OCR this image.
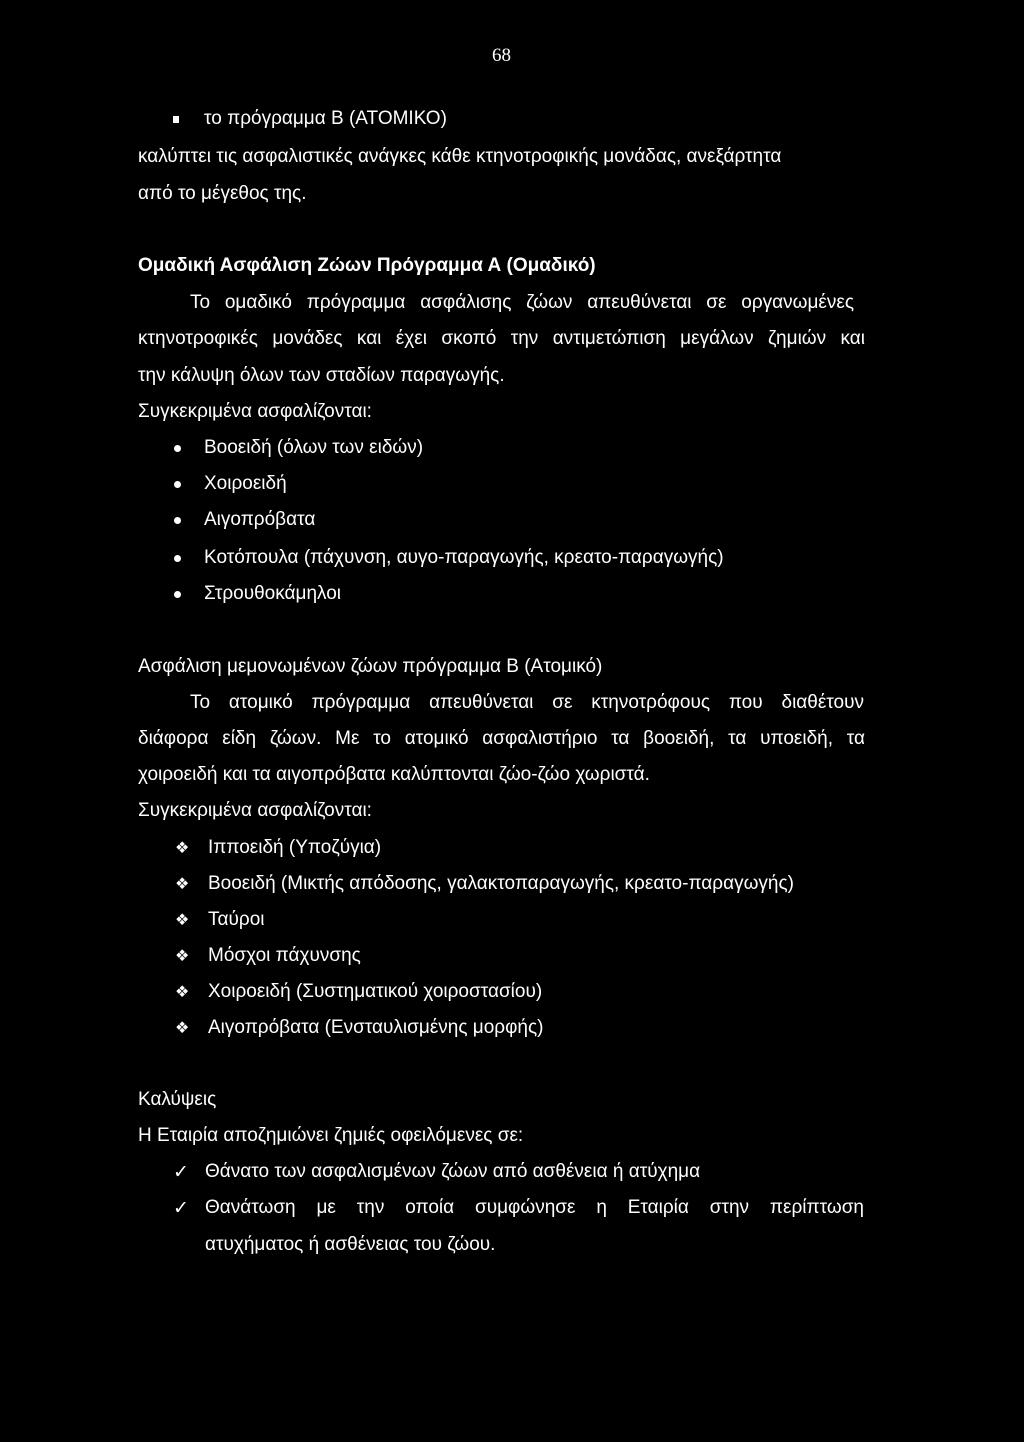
68
το πρόγραμμα Β (ΑΤΟΜΙΚΟ)
καλύπτει τις ασφαλιστικές ανάγκες κάθε κτηνοτροφικής μονάδας, ανεξάρτητα
από το μέγεθος της.
Ομαδική Ασφάλιση Ζώων Πρόγραμμα Α (Ομαδικό)
Το ομαδικό πρόγραμμα ασφάλισης ζώων απευθύνεται σε οργανωμένες
κτηνοτροφικές μονάδες και έχει σκοπό την αντιμετώπιση μεγάλων ζημιών και
την κάλυψη όλων των σταδίων παραγωγής.
Συγκεκριμένα ασφαλίζονται:
Βοοειδή (όλων των ειδών)
Χοιροειδή
Αιγοπρόβατα
Κοτόπουλα (πάχυνση, αυγο-παραγωγής, κρεατο-παραγωγής)
Στρουθοκάμηλοι
Ασφάλιση μεμονωμένων ζώων πρόγραμμα Β (Ατομικό)
Το ατομικό πρόγραμμα απευθύνεται σε κτηνοτρόφους που διαθέτουν
διάφορα είδη ζώων. Με το ατομικό ασφαλιστήριο τα βοοειδή, τα υποειδή, τα
χοιροειδή και τα αιγοπρόβατα καλύπτονται ζώο-ζώο χωριστά.
Συγκεκριμένα ασφαλίζονται:
❖ Ιπποειδή (Υποζύγια)
❖ Βοοειδή (Μικτής απόδοσης, γαλακτοπαραγωγής, κρεατο-παραγωγής)
❖ Ταύροι
❖ Μόσχοι πάχυνσης
❖ Χοιροειδή (Συστηματικού χοιροστασίου)
❖ Αιγοπρόβατα (Ενσταυλισμένης μορφής)
Καλύψεις
Η Εταιρία αποζημιώνει ζημιές οφειλόμενες σε:
✓ Θάνατο των ασφαλισμένων ζώων από ασθένεια ή ατύχημα
✓ Θανάτωση με την οποία συμφώνησε η Εταιρία στην περίπτωση
ατυχήματος ή ασθένειας του ζώου.
